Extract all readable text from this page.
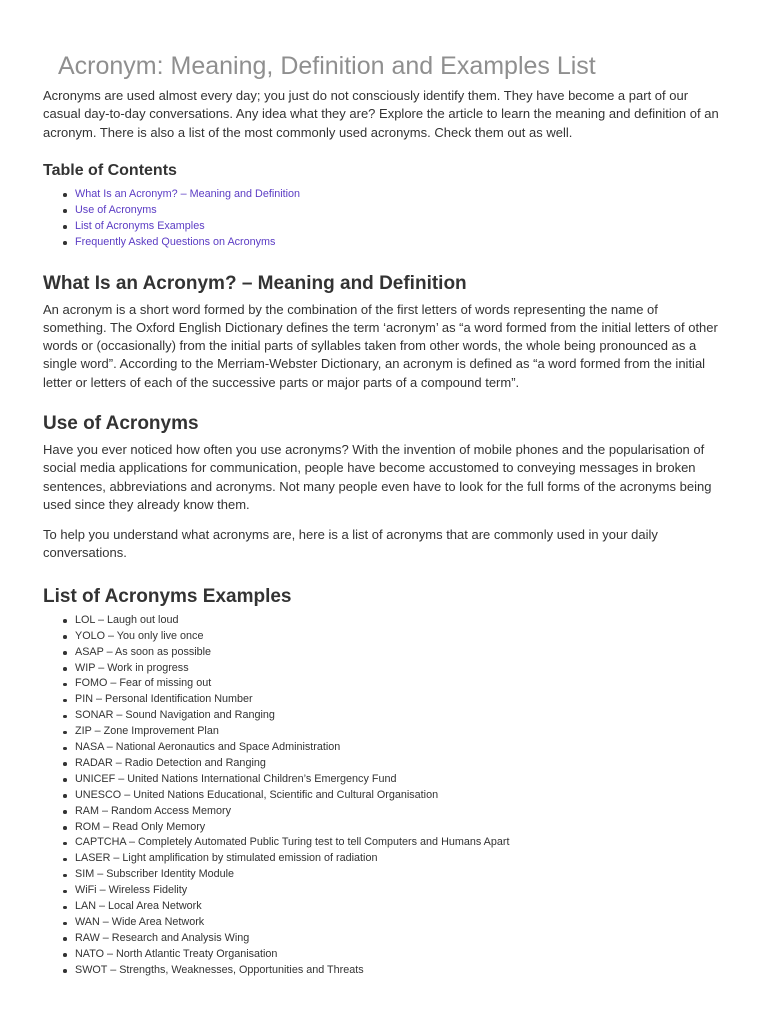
Acronym: Meaning, Definition and Examples List

Acronyms are used almost every day; you just do not consciously identify them. They have become a part of our casual day-to-day conversations. Any idea what they are? Explore the article to learn the meaning and definition of an acronym. There is also a list of the most commonly used acronyms. Check them out as well.

Table of Contents
What Is an Acronym? – Meaning and Definition
Use of Acronyms
List of Acronyms Examples
Frequently Asked Questions on Acronyms
What Is an Acronym? – Meaning and Definition

An acronym is a short word formed by the combination of the first letters of words representing the name of something. The Oxford English Dictionary defines the term ‘acronym’ as “a word formed from the initial letters of other words or (occasionally) from the initial parts of syllables taken from other words, the whole being pronounced as a single word”. According to the Merriam-Webster Dictionary, an acronym is defined as “a word formed from the initial letter or letters of each of the successive parts or major parts of a compound term”.

Use of Acronyms

Have you ever noticed how often you use acronyms? With the invention of mobile phones and the popularisation of social media applications for communication, people have become accustomed to conveying messages in broken sentences, abbreviations and acronyms. Not many people even have to look for the full forms of the acronyms being used since they already know them.

To help you understand what acronyms are, here is a list of acronyms that are commonly used in your daily conversations.

List of Acronyms Examples
LOL – Laugh out loud
YOLO – You only live once
ASAP – As soon as possible
WIP – Work in progress
FOMO – Fear of missing out
PIN – Personal Identification Number
SONAR – Sound Navigation and Ranging
ZIP – Zone Improvement Plan
NASA – National Aeronautics and Space Administration
RADAR – Radio Detection and Ranging
UNICEF – United Nations International Children’s Emergency Fund
UNESCO – United Nations Educational, Scientific and Cultural Organisation
RAM – Random Access Memory
ROM – Read Only Memory
CAPTCHA – Completely Automated Public Turing test to tell Computers and Humans Apart
LASER – Light amplification by stimulated emission of radiation
SIM – Subscriber Identity Module
WiFi – Wireless Fidelity
LAN – Local Area Network
WAN – Wide Area Network
RAW – Research and Analysis Wing
NATO – North Atlantic Treaty Organisation
SWOT – Strengths, Weaknesses, Opportunities and Threats
